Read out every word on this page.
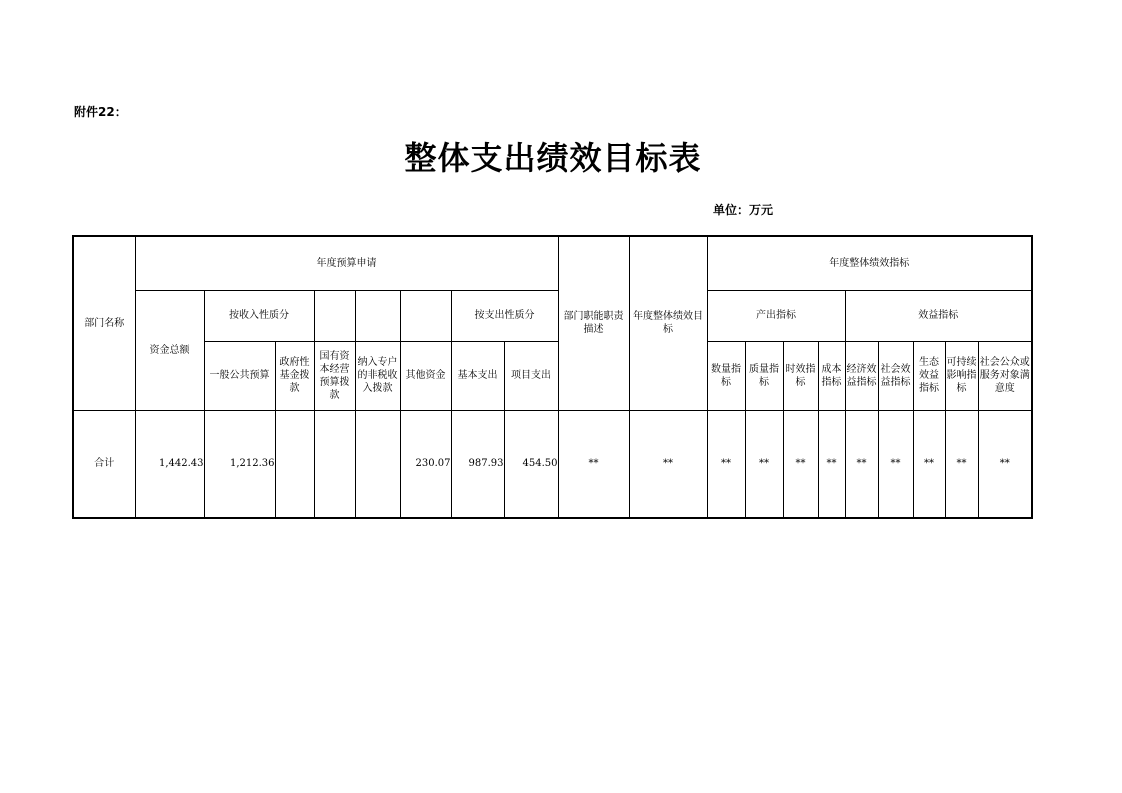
附件22：
整体支出绩效目标表
单位：万元
部门名称	年度预算申请								部门职能职责描述	年度整体绩效目标	年度整体绩效指标								
	资金总额	按收入性质分					按支出性质分				产出指标				效益指标				
		一般公共预算	政府性基金拨款	国有资本经营预算拨款	纳入专户的非税收入拨款	其他资金	基本支出	项目支出			数量指标	质量指标	时效指标	成本指标	经济效益指标	社会效益指标	生态效益指标	可持续影响指标	社会公众或服务对象满意度
合计	1,442.43	1,212.36				230.07	987.93	454.50	**	**	**	**	**	**	**	**	**	**	**
